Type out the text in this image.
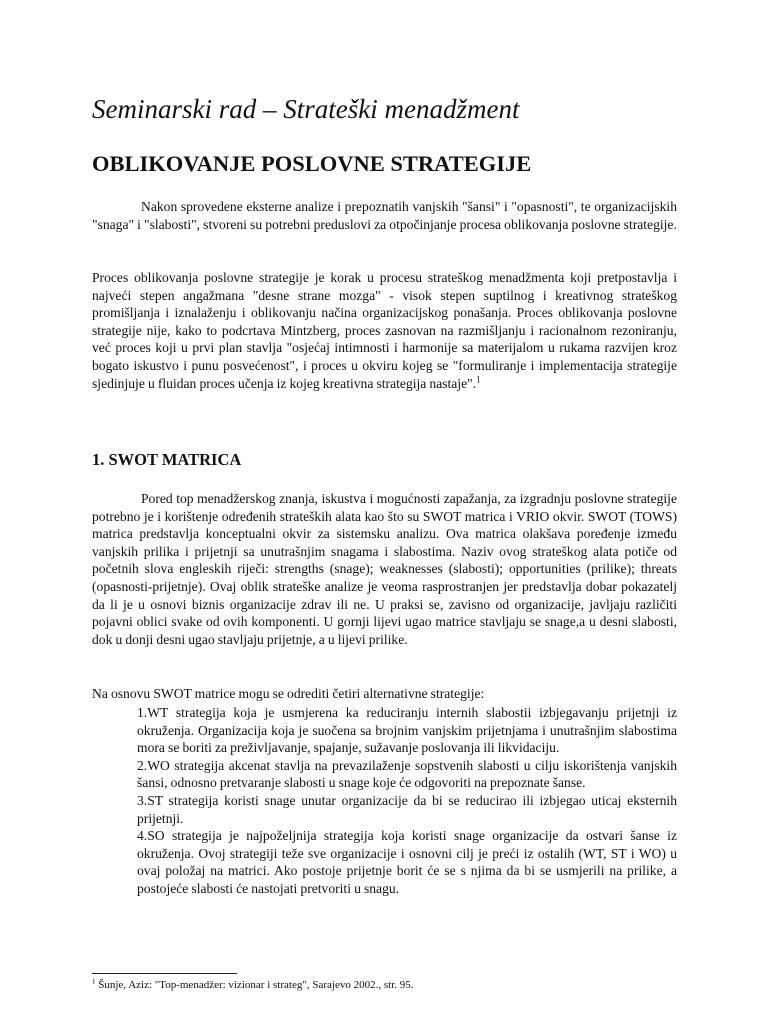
Seminarski rad – Strateški menadžment
OBLIKOVANJE POSLOVNE STRATEGIJE

Nakon sprovedene eksterne analize i prepoznatih vanjskih "šansi" i "opasnosti", te organizacijskih "snaga" i "slabosti", stvoreni su potrebni preduslovi za otpočinjanje procesa oblikovanja poslovne strategije.

Proces oblikovanja poslovne strategije je korak u procesu strateškog menadžmenta koji pretpostavlja i najveći stepen angažmana "desne strane mozga" - visok stepen suptilnog i kreativnog strateškog promišljanja i iznalaženju i oblikovanju načina organizacijskog ponašanja. Proces oblikovanja poslovne strategije nije, kako to podcrtava Mintzberg, proces zasnovan na razmišljanju i racionalnom rezoniranju, već proces koji u prvi plan stavlja "osjećaj intimnosti i harmonije sa materijalom u rukama razvijen kroz bogato iskustvo i punu posvećenost", i proces u okviru kojeg se "formuliranje i implementacija strategije sjedinjuje u fluidan proces učenja iz kojeg kreativna strategija nastaje".$^1$

1. SWOT MATRICA

Pored top menadžerskog znanja, iskustva i mogućnosti zapažanja, za izgradnju poslovne strategije potrebno je i korištenje određenih strateških alata kao što su SWOT matrica i VRIO okvir. SWOT (TOWS) matrica predstavlja konceptualni okvir za sistemsku analizu. Ova matrica olakšava poređenje između vanjskih prilika i prijetnji sa unutrašnjim snagama i slabostima. Naziv ovog strateškog alata potiče od početnih slova engleskih riječi: strengths (snage); weaknesses (slabosti); opportunities (prilike); threats (opasnosti-prijetnje). Ovaj oblik strateške analize je veoma rasprostranjen jer predstavlja dobar pokazatelj da li je u osnovi biznis organizacije zdrav ili ne. U praksi se, zavisno od organizacije, javljaju različiti pojavni oblici svake od ovih komponenti. U gornji lijevi ugao matrice stavljaju se snage,a u desni slabosti, dok u donji desni ugao stavljaju prijetnje, a u lijevi prilike.

Na osnovu SWOT matrice mogu se odrediti četiri alternativne strategije:

1.WT strategija koja je usmjerena ka reduciranju internih slabostii izbjegavanju prijetnji iz okruženja. Organizacija koja je suočena sa brojnim vanjskim prijetnjama i unutrašnjim slabostima mora se boriti za preživljavanje, spajanje, sužavanje poslovanja ili likvidaciju.
2.WO strategija akcenat stavlja na prevazilaženje sopstvenih slabosti u cilju iskorištenja vanjskih šansi, odnosno pretvaranje slabosti u snage koje će odgovoriti na prepoznate šanse.
3.ST strategija koristi snage unutar organizacije da bi se reducirao ili izbjegao uticaj eksternih prijetnji.
4.SO strategija je najpoželjnija strategija koja koristi snage organizacije da ostvari šanse iz okruženja. Ovoj strategiji teže sve organizacije i osnovni cilj je preći iz ostalih (WT, ST i WO) u ovaj položaj na matrici. Ako postoje prijetnje borit će se s njima da bi se usmjerili na prilike, a postojeće slabosti će nastojati pretvoriti u snagu.

$^1$ Šunje, Aziz: "Top-menadžer: vizionar i strateg", Sarajevo 2002., str. 95.
